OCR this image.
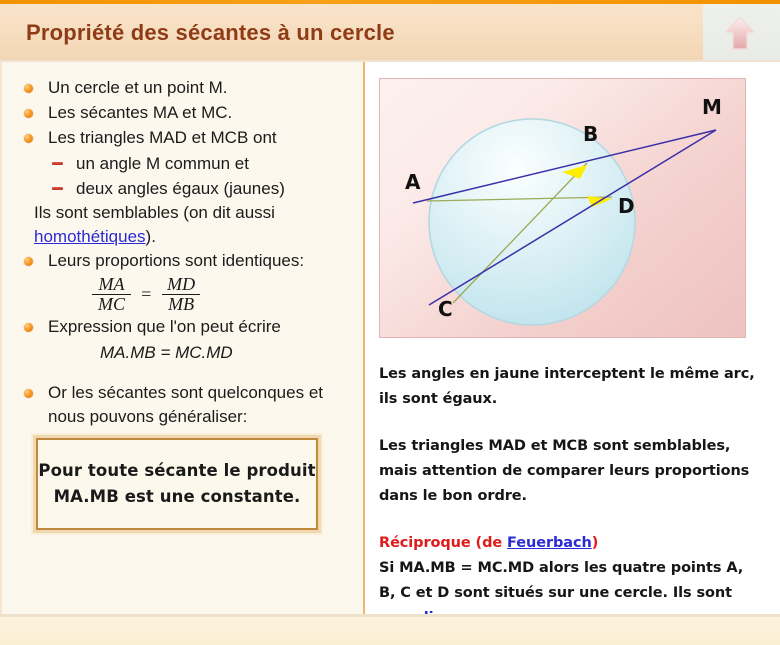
Propriété des sécantes à un cercle
Un cercle et un point M.
Les sécantes MA et MC.
Les triangles MAD et MCB ont
un angle M commun et
deux angles égaux (jaunes)
Ils sont semblables (on dit aussi
homothétiques).
Leurs proportions sont identiques:
$\frac{MA}{MC} = \frac{MD}{MB}$
Expression que l'on peut écrire
MA.MB = MC.MD
Or les sécantes sont quelconques et nous pouvons généraliser:
Pour toute sécante le produit MA.MB est une constante.
A
B
C
D
M

Les angles en jaune interceptent le même arc, ils sont égaux.

Les triangles MAD et MCB sont semblables, mais attention de comparer leurs proportions dans le bon ordre.

Réciproque (de Feuerbach)
Si MA.MB = MC.MD alors les quatre points A, B, C et D sont situés sur une cercle. Ils sont
